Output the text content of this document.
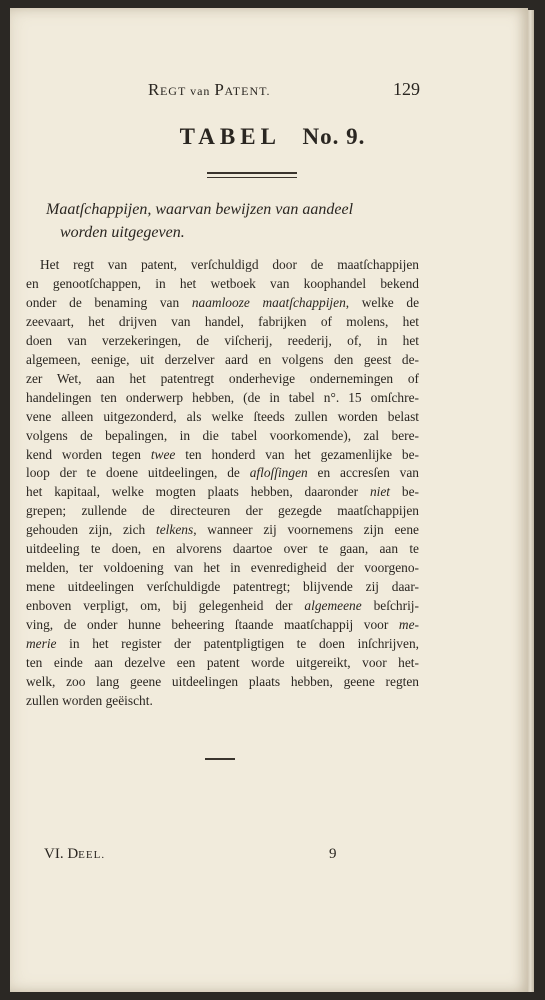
REGT van PATENT.	129
TABEL No. 9.
Maatſchappijen, waarvan bewijzen van aandeel
worden uitgegeven.
Het regt van patent, verſchuldigd door de maatſchappijen
en genootſchappen, in het wetboek van koophandel bekend
onder de benaming van naamlooze maatſchappijen, welke de
zeevaart, het drijven van handel, fabrijken of molens, het
doen van verzekeringen, de viſcherij, reederij, of, in het
algemeen, eenige, uit derzelver aard en volgens den geest de-
zer Wet, aan het patentregt onderhevige ondernemingen of
handelingen ten onderwerp hebben, (de in tabel n°. 15 omſchre-
vene alleen uitgezonderd, als welke ſteeds zullen worden belast
volgens de bepalingen, in die tabel voorkomende), zal bere-
kend worden tegen twee ten honderd van het gezamenlijke be-
loop der te doene uitdeelingen, de afloſſingen en accresſen van
het kapitaal, welke mogten plaats hebben, daaronder niet be-
grepen; zullende de directeuren der gezegde maatſchappijen
gehouden zijn, zich telkens, wanneer zij voornemens zijn eene
uitdeeling te doen, en alvorens daartoe over te gaan, aan te
melden, ter voldoening van het in evenredigheid der voorgeno-
mene uitdeelingen verſchuldigde patentregt; blijvende zij daar-
enboven verpligt, om, bij gelegenheid der algemeene beſchrij-
ving, de onder hunne beheering ſtaande maatſchappij voor me-
merie in het register der patentpligtigen te doen inſchrijven,
ten einde aan dezelve een patent worde uitgereikt, voor het-
welk, zoo lang geene uitdeelingen plaats hebben, geene regten
zullen worden geëischt.
VI. DEEL.	9
